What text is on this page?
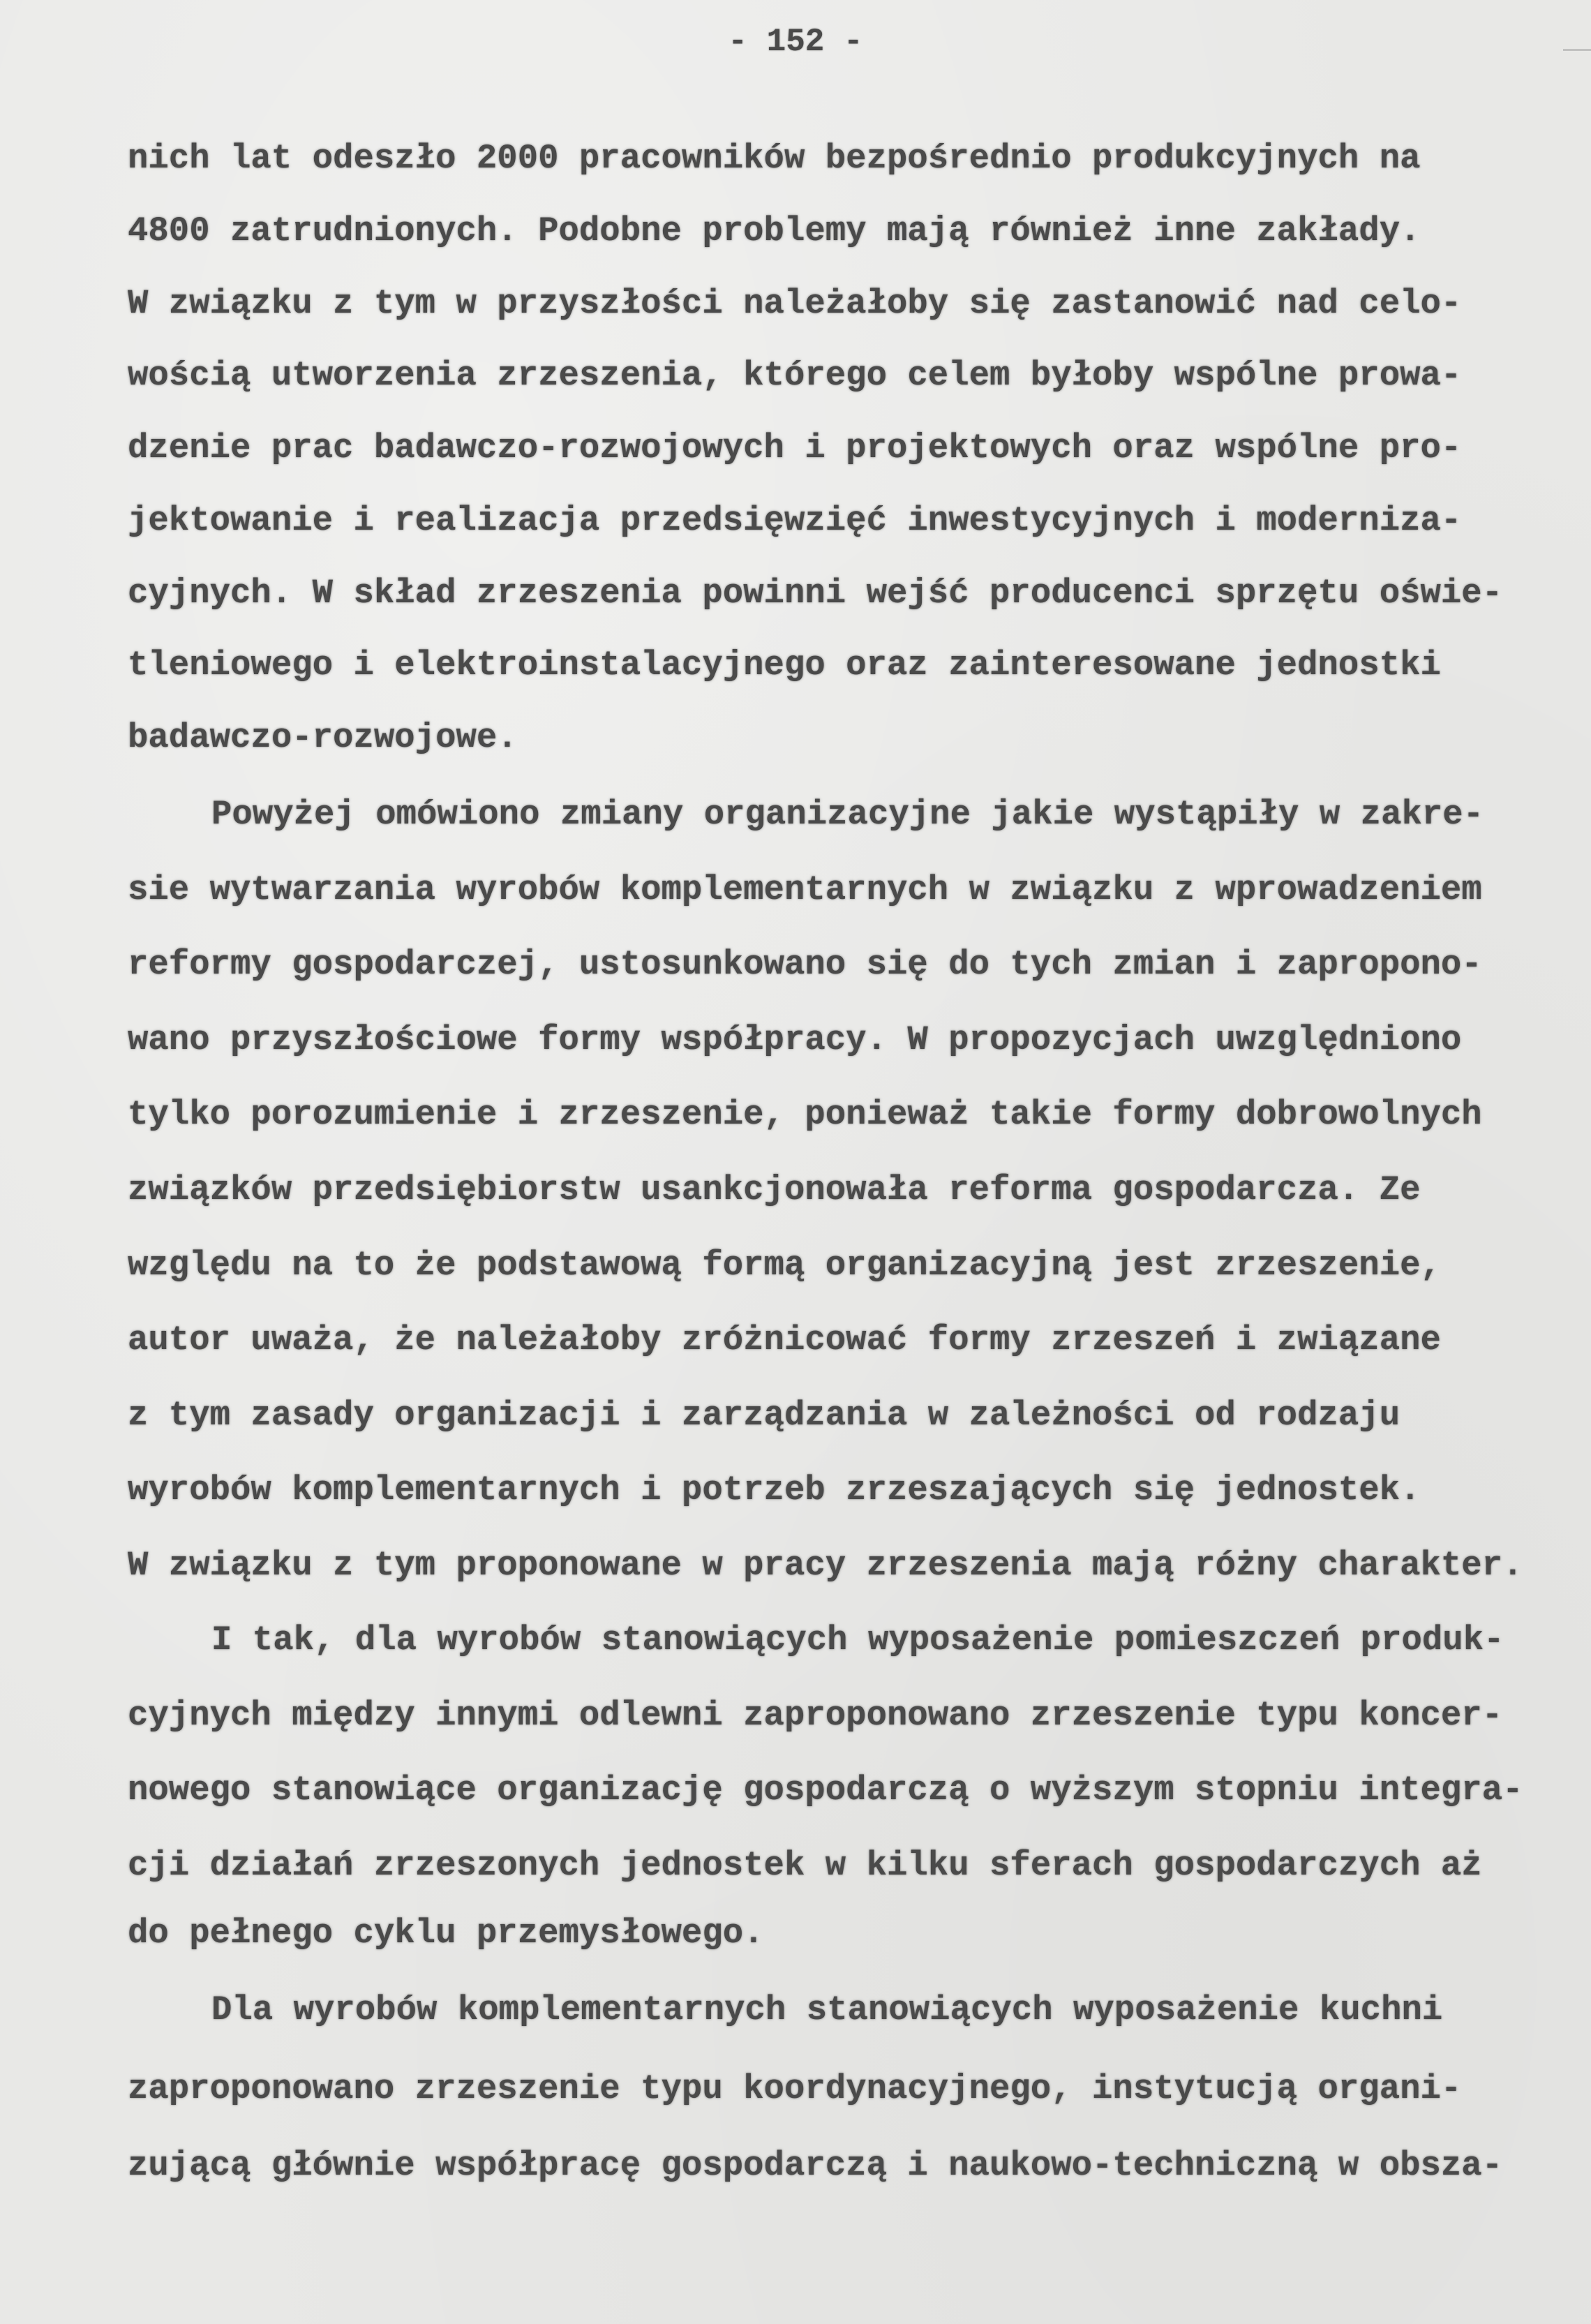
- 152 -
nich lat odeszło 2000 pracowników bezpośrednio produkcyjnych na
4800 zatrudnionych. Podobne problemy mają również inne zakłady.
W związku z tym w przyszłości należałoby się zastanowić nad celo-
wością utworzenia zrzeszenia, którego celem byłoby wspólne prowa-
dzenie prac badawczo-rozwojowych i projektowych oraz wspólne pro-
jektowanie i realizacja przedsięwzięć inwestycyjnych i moderniza-
cyjnych. W skład zrzeszenia powinni wejść producenci sprzętu oświe-
tleniowego i elektroinstalacyjnego oraz zainteresowane jednostki
badawczo-rozwojowe.
Powyżej omówiono zmiany organizacyjne jakie wystąpiły w zakre-
sie wytwarzania wyrobów komplementarnych w związku z wprowadzeniem
reformy gospodarczej, ustosunkowano się do tych zmian i zapropono-
wano przyszłościowe formy współpracy. W propozycjach uwzględniono
tylko porozumienie i zrzeszenie, ponieważ takie formy dobrowolnych
związków przedsiębiorstw usankcjonowała reforma gospodarcza. Ze
względu na to że podstawową formą organizacyjną jest zrzeszenie,
autor uważa, że należałoby zróżnicować formy zrzeszeń i związane
z tym zasady organizacji i zarządzania w zależności od rodzaju
wyrobów komplementarnych i potrzeb zrzeszających się jednostek.
W związku z tym proponowane w pracy zrzeszenia mają różny charakter.
I tak, dla wyrobów stanowiących wyposażenie pomieszczeń produk-
cyjnych między innymi odlewni zaproponowano zrzeszenie typu koncer-
nowego stanowiące organizację gospodarczą o wyższym stopniu integra-
cji działań zrzeszonych jednostek w kilku sferach gospodarczych aż
do pełnego cyklu przemysłowego.
Dla wyrobów komplementarnych stanowiących wyposażenie kuchni
zaproponowano zrzeszenie typu koordynacyjnego, instytucją organi-
zującą głównie współpracę gospodarczą i naukowo-techniczną w obsza-
